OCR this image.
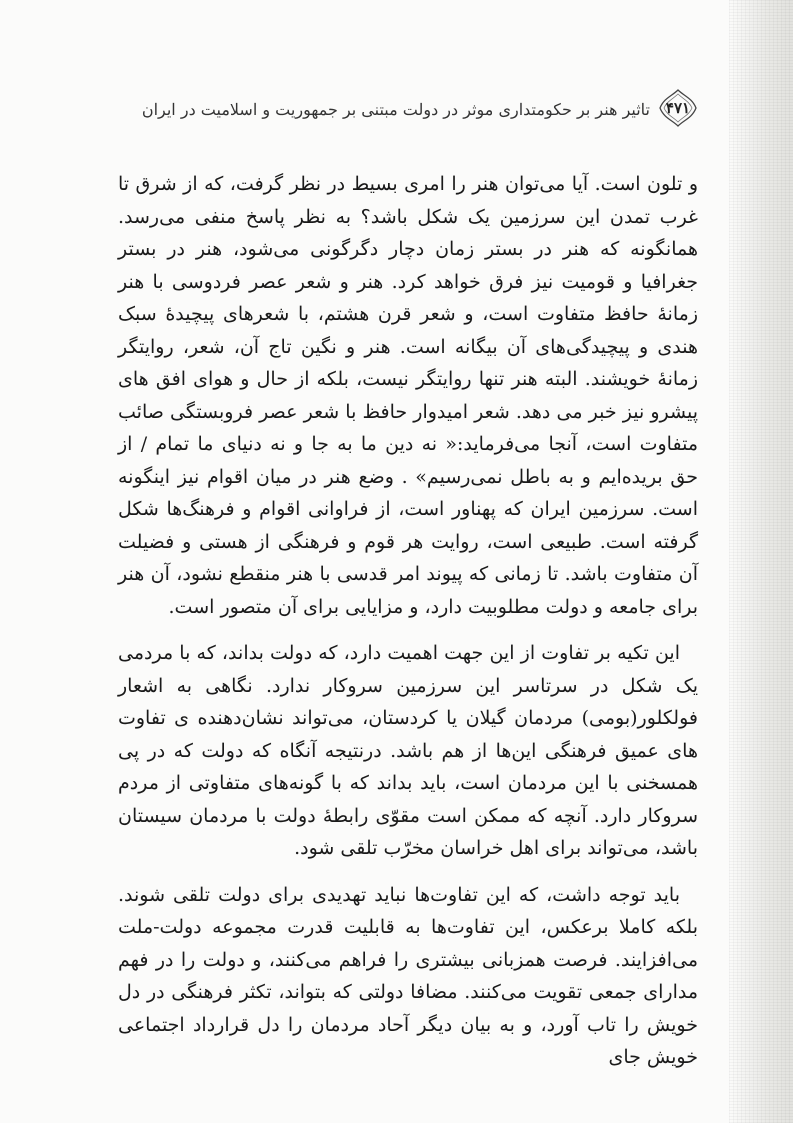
۴۷۱
تاثیر هنر بر حکومتداری موثر در دولت مبتنی بر جمهوریت و اسلامیت در ایران

و تلون است. آیا می‌توان هنر را امری بسیط در نظر گرفت، که از شرق تا غرب تمدن این سرزمین یک شکل باشد؟ به نظر پاسخ منفی می‌رسد. همانگونه که هنر در بستر زمان دچار دگرگونی می‌شود، هنر در بستر جغرافیا و قومیت نیز فرق خواهد کرد. هنر و شعر عصر فردوسی با هنر زمانهٔ حافظ متفاوت است، و شعر قرن هشتم، با شعرهای پیچیدهٔ سبک هندی و پیچیدگی‌های آن بیگانه است. هنر و نگین تاج آن، شعر، روایتگر زمانهٔ خویشند. البته هنر تنها روایتگر نیست، بلکه از حال و هوای افق های پیشرو نیز خبر می دهد. شعر امیدوار حافظ با شعر عصر فروبستگی صائب متفاوت است، آنجا می‌فرماید:« نه دین ما به جا و نه دنیای ما تمام / از حق بریده‌ایم و به باطل نمی‌رسیم» . وضع هنر در میان اقوام نیز اینگونه است. سرزمین ایران که پهناور است، از فراوانی اقوام و فرهنگ‌ها شکل گرفته است. طبیعی است، روایت هر قوم و فرهنگی از هستی و فضیلت آن متفاوت باشد. تا زمانی که پیوند امر قدسی با هنر منقطع نشود، آن هنر برای جامعه و دولت مطلوبیت دارد، و مزایایی برای آن متصور است.

این تکیه بر تفاوت از این جهت اهمیت دارد، که دولت بداند، که با مردمی یک شکل در سرتاسر این سرزمین سروکار ندارد. نگاهی به اشعار فولکلور(بومی) مردمان گیلان یا کردستان، می‌تواند نشان‌دهنده ی تفاوت های عمیق فرهنگی این‌ها از هم باشد. درنتیجه آنگاه که دولت که در پی همسخنی با این مردمان است، باید بداند که با گونه‌های متفاوتی از مردم سروکار دارد. آنچه که ممکن است مقوّی رابطهٔ دولت با مردمان سیستان باشد، می‌تواند برای اهل خراسان مخرّب تلقی شود.

باید توجه داشت، که این تفاوت‌ها نباید تهدیدی برای دولت تلقی شوند. بلکه کاملا برعکس، این تفاوت‌ها به قابلیت قدرت مجموعه دولت-ملت می‌افزایند. فرصت همزبانی بیشتری را فراهم می‌کنند، و دولت را در فهم مدارای جمعی تقویت می‌کنند. مضافا دولتی که بتواند، تکثر فرهنگی در دل خویش را تاب آورد، و به بیان دیگر آحاد مردمان را دل قرارداد اجتماعی خویش جای
